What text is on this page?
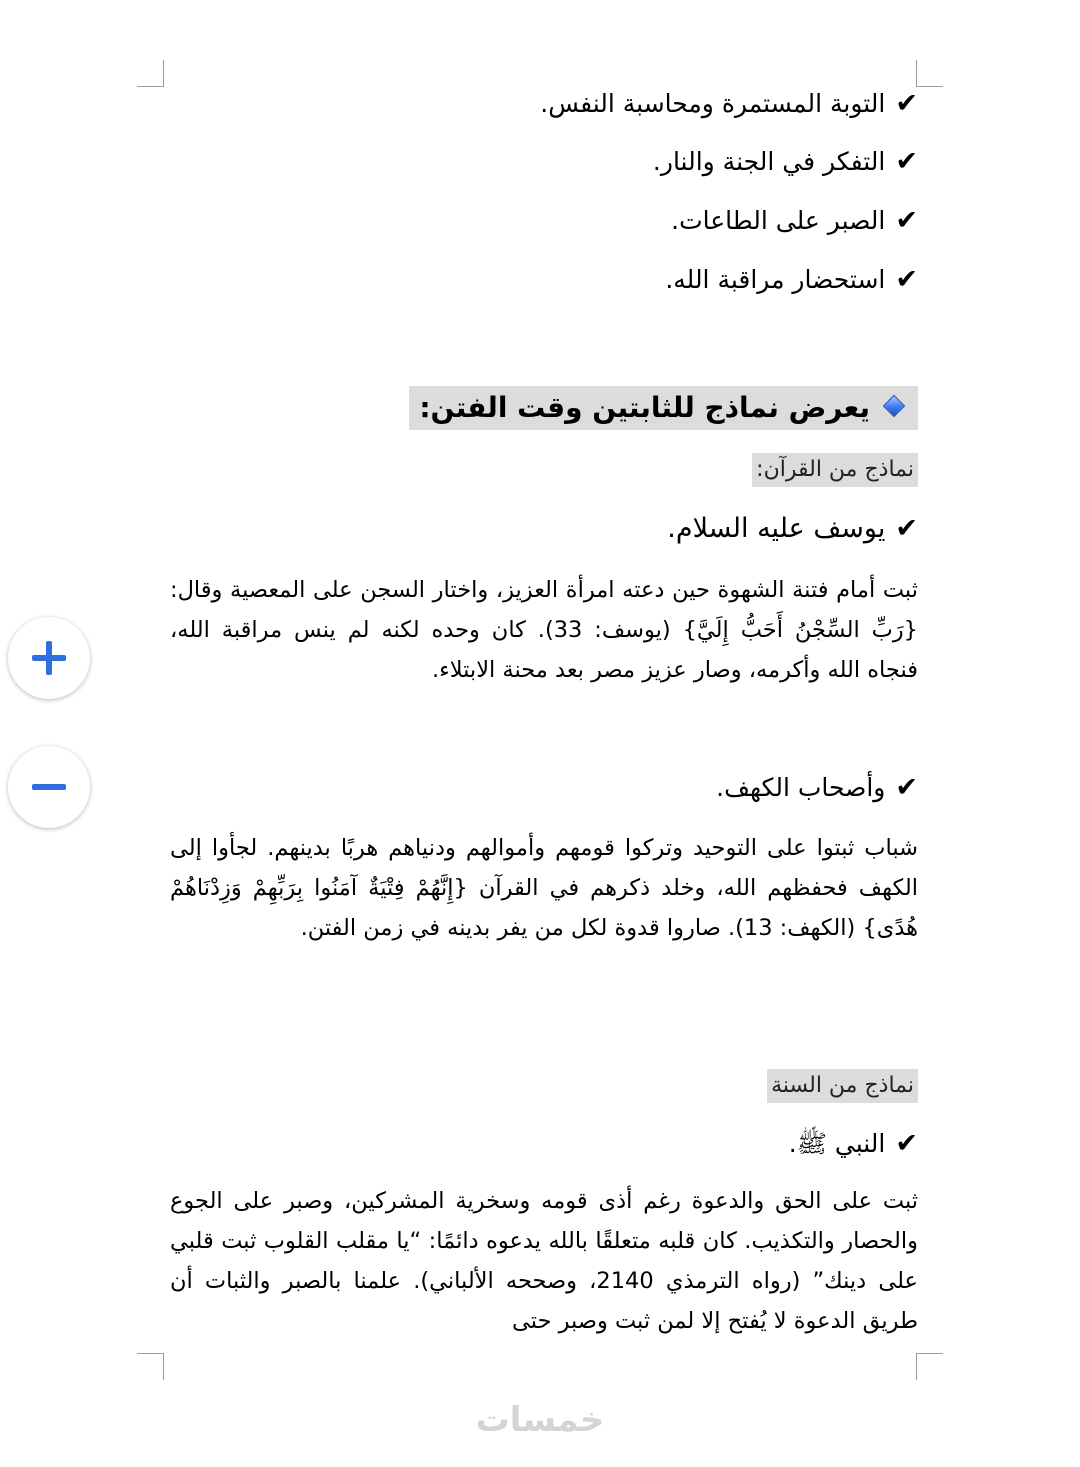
✔التوبة المستمرة ومحاسبة النفس.
✔التفكر في الجنة والنار.
✔الصبر على الطاعات.
✔استحضار مراقبة الله.
يعرض نماذج للثابتين وقت الفتن:
نماذج من القرآن:
✔يوسف عليه السلام.
ثبت أمام فتنة الشهوة حين دعته امرأة العزيز، واختار السجن على المعصية وقال: {رَبِّ السِّجْنُ أَحَبُّ إِلَيَّ} (يوسف: 33). كان وحده لكنه لم ينس مراقبة الله، فنجاه الله وأكرمه، وصار عزيز مصر بعد محنة الابتلاء.
✔وأصحاب الكهف.
شباب ثبتوا على التوحيد وتركوا قومهم وأموالهم ودنياهم هربًا بدينهم. لجأوا إلى الكهف فحفظهم الله، وخلد ذكرهم في القرآن {إِنَّهُمْ فِتْيَةٌ آمَنُوا بِرَبِّهِمْ وَزِدْنَاهُمْ هُدًى} (الكهف: 13). صاروا قدوة لكل من يفر بدينه في زمن الفتن.
نماذج من السنة
✔النبي ﷺ.
ثبت على الحق والدعوة رغم أذى قومه وسخرية المشركين، وصبر على الجوع والحصار والتكذيب. كان قلبه متعلقًا بالله يدعوه دائمًا: “يا مقلب القلوب ثبت قلبي على دينك” (رواه الترمذي 2140، وصححه الألباني). علمنا بالصبر والثبات أن طريق الدعوة لا يُفتح إلا لمن ثبت وصبر حتى
خمسات
